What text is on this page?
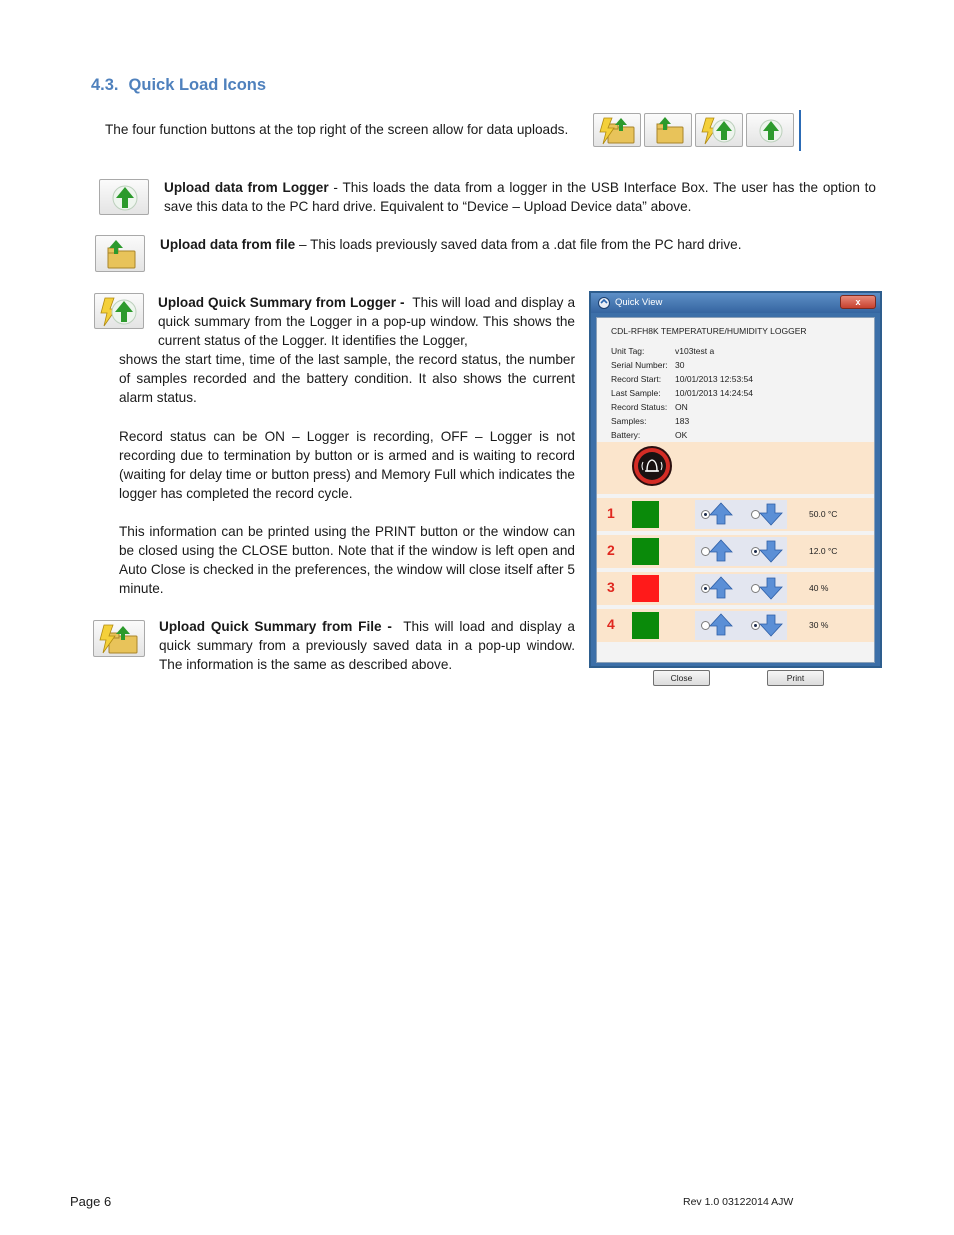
4.3. Quick Load Icons
The four function buttons at the top right of the screen allow for data uploads.
Upload data from Logger - This loads the data from a logger in the USB Interface Box. The user has the option to save this data to the PC hard drive. Equivalent to “Device – Upload Device data” above.
Upload data from file – This loads previously saved data from a .dat file from the PC hard drive.
Upload Quick Summary from Logger - This will load and display a quick summary from the Logger in a pop-up window. This shows the current status of the Logger. It identifies the Logger,
shows the start time, time of the last sample, the record status, the number of samples recorded and the battery condition. It also shows the current alarm status.
Record status can be ON – Logger is recording, OFF – Logger is not recording due to termination by button or is armed and is waiting to record (waiting for delay time or button press) and Memory Full which indicates the logger has completed the record cycle.
This information can be printed using the PRINT button or the window can be closed using the CLOSE button. Note that if the window is left open and Auto Close is checked in the preferences, the window will close itself after 5 minute.
Upload Quick Summary from File - This will load and display a quick summary from a previously saved data in a pop-up window. The information is the same as described above.
Quick View	x
CDL-RFH8K TEMPERATURE/HUMIDITY LOGGER
Unit Tag:	v103test a
Serial Number: 30
Record Start: 10/01/2013 12:53:54
Last Sample: 10/01/2013 14:24:54
Record Status: ON
Samples:	183
Battery:	OK
1	50.0 °C
2	12.0 °C
3	40 %
4	30 %
Close	Print
Page 6	Rev 1.0 03122014 AJW
